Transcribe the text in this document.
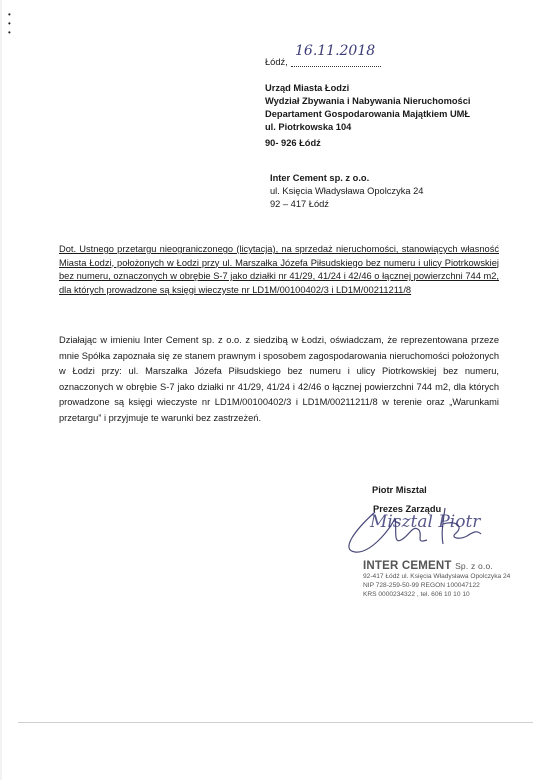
•
•
•
Łódź,
16.11.2018
Urząd Miasta Łodzi
Wydział Zbywania i Nabywania Nieruchomości
Departament Gospodarowania Majątkiem UMŁ
ul. Piotrkowska 104
90- 926 Łódź
Inter Cement sp. z o.o.
ul. Księcia Władysława Opolczyka 24
92 – 417 Łódź
Dot. Ustnego przetargu nieograniczonego (licytacja), na sprzedaż nieruchomości, stanowiących własność Miasta Łodzi, położonych w Łodzi przy ul. Marszałka Józefa Piłsudskiego bez numeru i ulicy Piotrkowskiej bez numeru, oznaczonych w obrębie S-7 jako działki nr 41/29, 41/24 i 42/46 o łącznej powierzchni 744 m2, dla których prowadzone są księgi wieczyste nr LD1M/00100402/3 i LD1M/00211211/8
Działając w imieniu Inter Cement sp. z o.o. z siedzibą w Łodzi, oświadczam, że reprezentowana przeze mnie Spółka zapoznała się ze stanem prawnym i sposobem zagospodarowania nieruchomości położonych w Łodzi przy: ul. Marszałka Józefa Piłsudskiego bez numeru i ulicy Piotrkowskiej bez numeru, oznaczonych w obrębie S-7 jako działki nr 41/29, 41/24 i 42/46 o łącznej powierzchni 744 m2, dla których prowadzone są księgi wieczyste nr LD1M/00100402/3 i LD1M/00211211/8 w terenie oraz „Warunkami przetargu” i przyjmuje te warunki bez zastrzeżeń.
Piotr Misztal
Prezes Zarządu
Misztal Piotr
INTER CEMENT Sp. z o.o.
92-417 Łódź ul. Księcia Władysława Opolczyka 24
NIP 728-259-50-99 REGON 100047122
KRS 0000234322 , tel. 606 10 10 10
